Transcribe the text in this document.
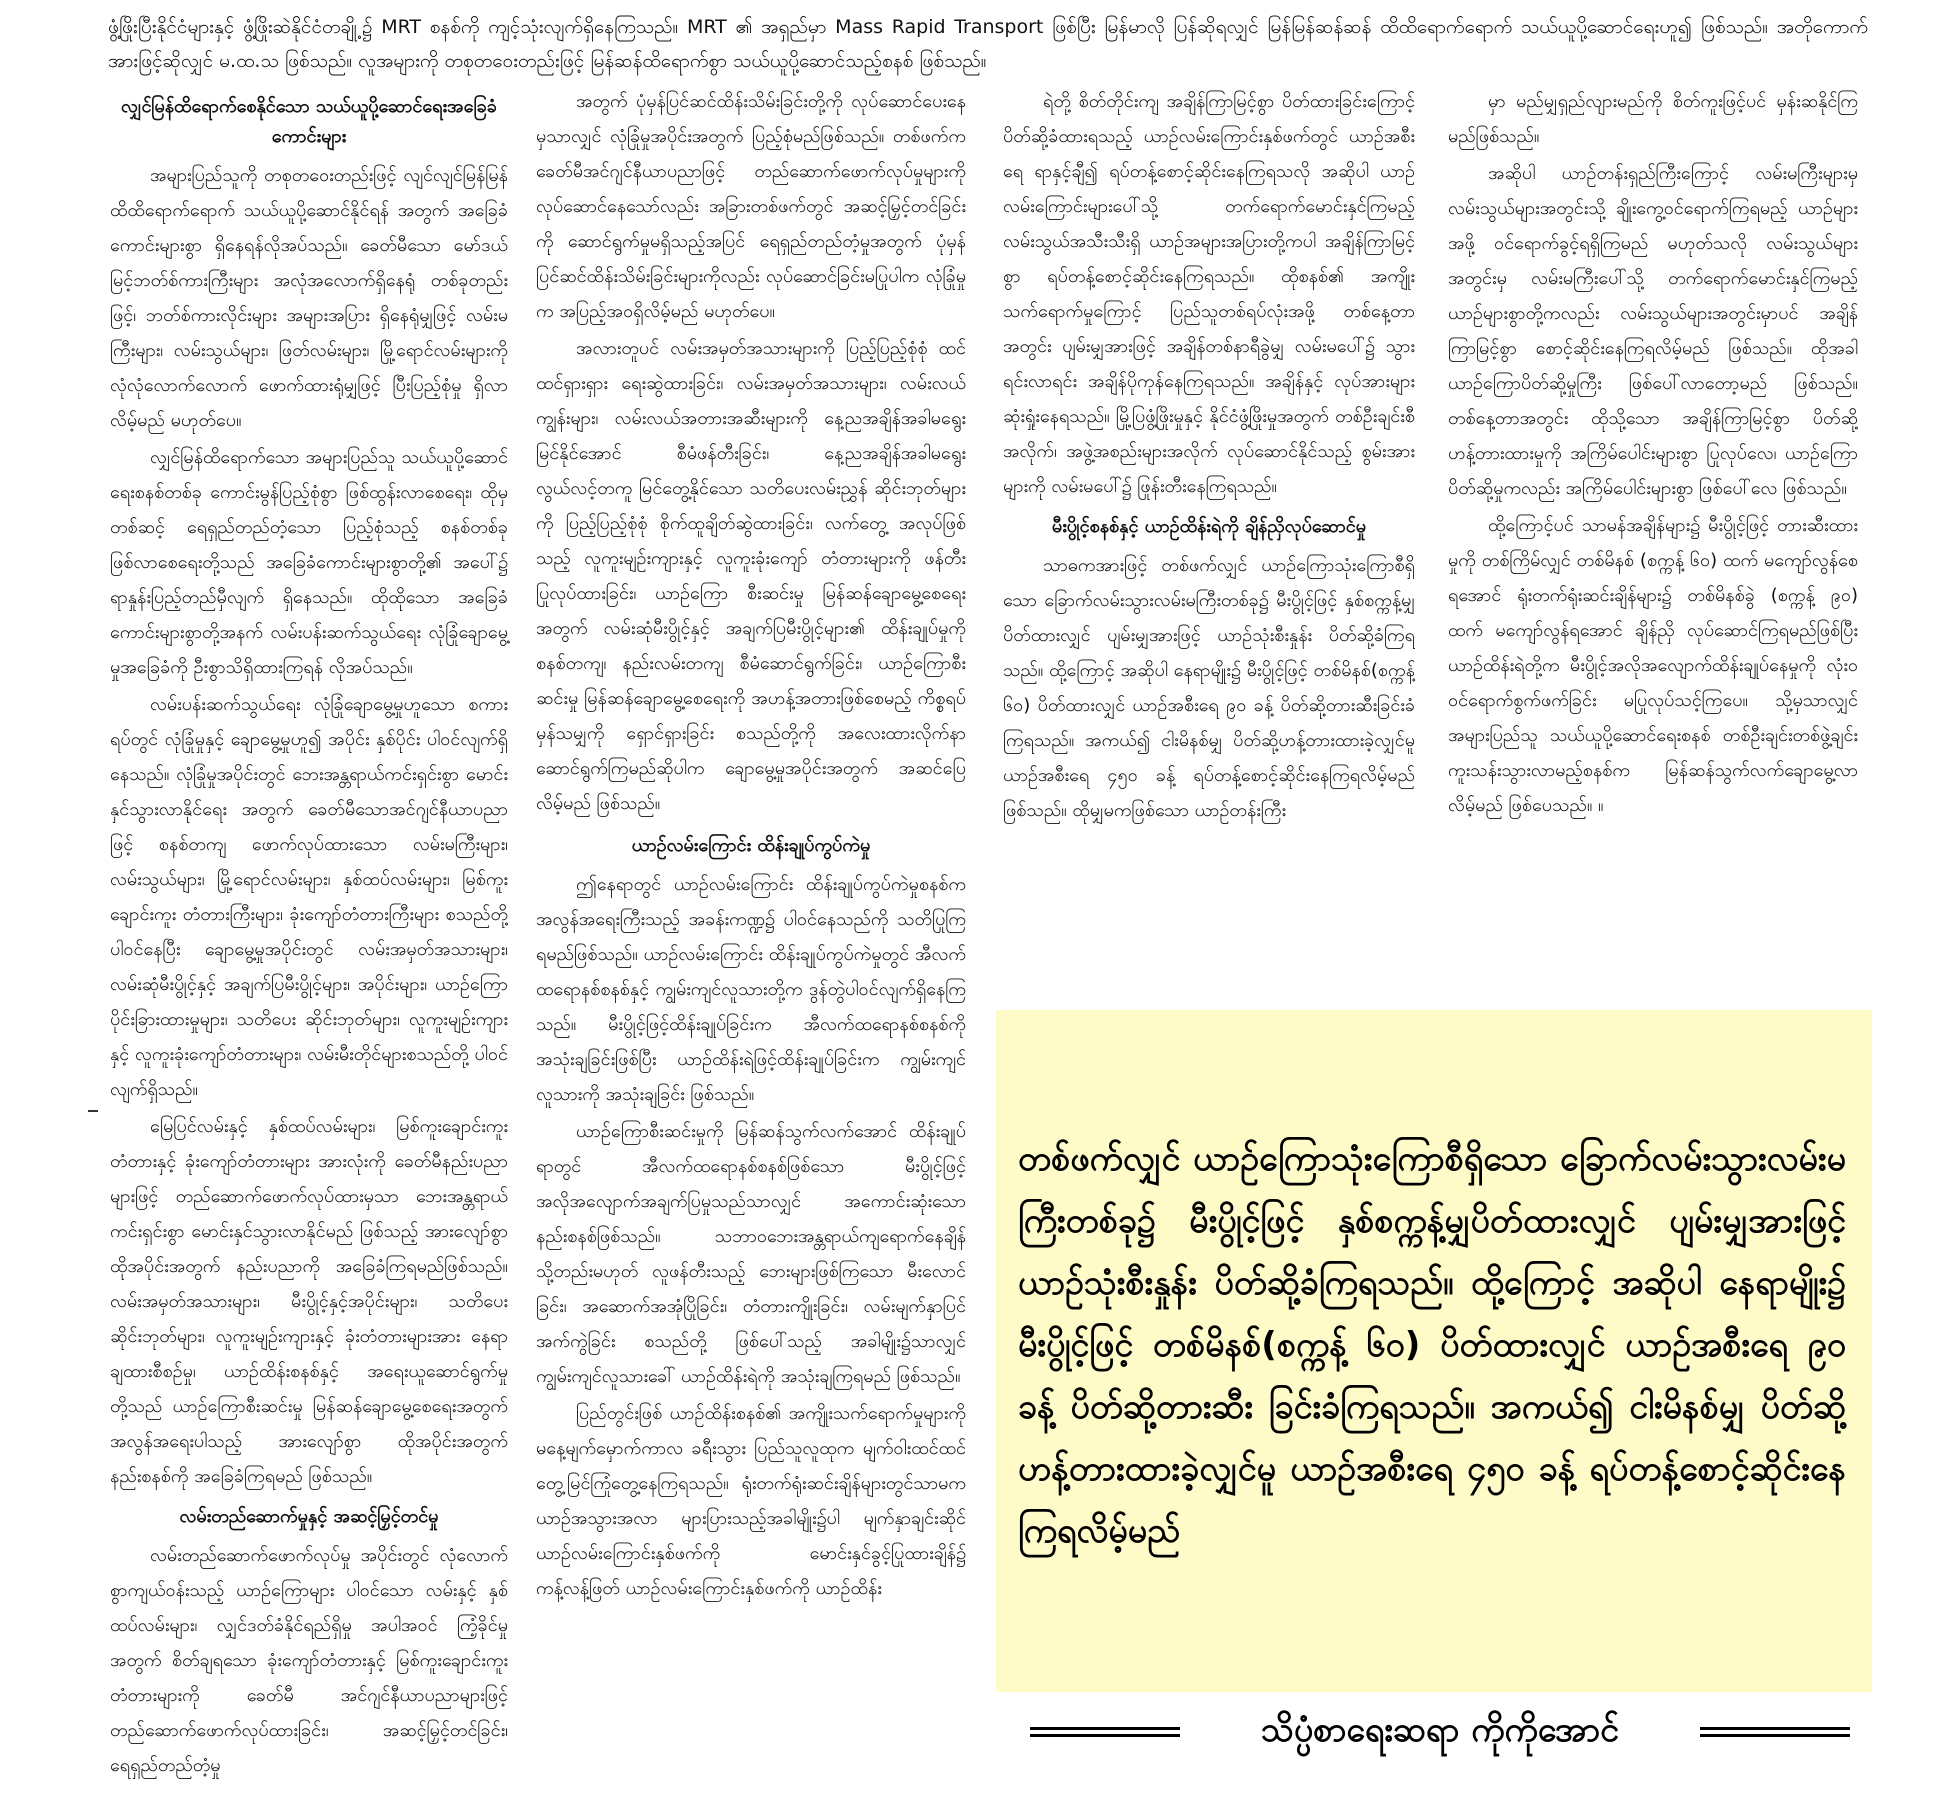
ဖွံ့ဖြိုးပြီးနိုင်ငံများနှင့် ဖွံ့ဖြိုးဆဲနိုင်ငံတချို့၌ MRT စနစ်ကို ကျင့်သုံးလျက်ရှိနေကြသည်။ MRT ၏ အရှည်မှာ Mass Rapid Transport ဖြစ်ပြီး မြန်မာလို ပြန်ဆိုရလျှင် မြန်မြန်ဆန်ဆန် ထိထိရောက်ရောက် သယ်ယူပို့ဆောင်ရေးဟူ၍ ဖြစ်သည်။ အတိုကောက် အားဖြင့်ဆိုလျှင် မ.ထ.သ ဖြစ်သည်။ လူအများကို တစုတဝေးတည်းဖြင့် မြန်ဆန်ထိရောက်စွာ သယ်ယူပို့ဆောင်သည့်စနစ် ဖြစ်သည်။
လျှင်မြန်ထိရောက်စေနိုင်သော သယ်ယူပို့ဆောင်ရေးအခြေခံကောင်းများ

အများပြည်သူကို တစုတဝေးတည်းဖြင့် လျင်လျင်မြန်မြန် ထိထိရောက်ရောက် သယ်ယူပို့ဆောင်နိုင်ရန် အတွက် အခြေခံကောင်းများစွာ ရှိနေရန်လိုအပ်သည်။ ခေတ်မီသော မော်ဒယ်မြင့်ဘတ်စ်ကားကြီးများ အလုံအလောက်ရှိနေရုံ တစ်ခုတည်းဖြင့်၊ ဘတ်စ်ကားလိုင်းများ အများအပြား ရှိနေရုံမျှဖြင့် လမ်းမကြီးများ၊ လမ်းသွယ်များ၊ ဖြတ်လမ်းများ၊ မြို့ရောင်လမ်းများကို လုံလုံလောက်လောက် ဖောက်ထားရုံမျှဖြင့် ပြီးပြည့်စုံမှု ရှိလာလိမ့်မည် မဟုတ်ပေ။

လျှင်မြန်ထိရောက်သော အများပြည်သူ သယ်ယူပို့ဆောင်ရေးစနစ်တစ်ခု ကောင်းမွန်ပြည့်စုံစွာ ဖြစ်ထွန်းလာစေရေး၊ ထိုမှတစ်ဆင့် ရေရှည်တည်တံ့သော ပြည့်စုံသည့် စနစ်တစ်ခု ဖြစ်လာစေရေးတို့သည် အခြေခံကောင်းများစွာတို့၏ အပေါ်၌ ရာနှုန်းပြည့်တည်မှီလျက် ရှိနေသည်။ ထိုထိုသော အခြေခံကောင်းများစွာတို့အနက် လမ်းပန်းဆက်သွယ်ရေး လုံခြုံချောမွေ့မှုအခြေခံကို ဦးစွာသိရှိထားကြရန် လိုအပ်သည်။

လမ်းပန်းဆက်သွယ်ရေး လုံခြုံချောမွေ့မှုဟူသော စကားရပ်တွင် လုံခြုံမှုနှင့် ချောမွေ့မှုဟူ၍ အပိုင်း နှစ်ပိုင်း ပါဝင်လျက်ရှိနေသည်။ လုံခြုံမှုအပိုင်းတွင် ဘေးအန္တရာယ်ကင်းရှင်းစွာ မောင်းနှင်သွားလာနိုင်ရေး အတွက် ခေတ်မီသောအင်ဂျင်နီယာပညာဖြင့် စနစ်တကျ ဖောက်လုပ်ထားသော လမ်းမကြီးများ၊ လမ်းသွယ်များ၊ မြို့ရောင်လမ်းများ၊ နှစ်ထပ်လမ်းများ၊ မြစ်ကူးချောင်းကူး တံတားကြီးများ၊ ခုံးကျော်တံတားကြီးများ စသည်တို့ ပါဝင်နေပြီး ချောမွေ့မှုအပိုင်းတွင် လမ်းအမှတ်အသားများ၊ လမ်းဆုံမီးပွိုင့်နှင့် အချက်ပြမီးပွိုင့်များ၊ အပိုင်းများ၊ ယာဉ်ကြောပိုင်းခြားထားမှုများ၊ သတိပေး ဆိုင်းဘုတ်များ၊ လူကူးမျဉ်းကျားနှင့် လူကူးခုံးကျော်တံတားများ၊ လမ်းမီးတိုင်များစသည်တို့ ပါဝင်လျက်ရှိသည်။

မြေပြင်လမ်းနှင့် နှစ်ထပ်လမ်းများ၊ မြစ်ကူးချောင်းကူး တံတားနှင့် ခုံးကျော်တံတားများ အားလုံးကို ခေတ်မီနည်းပညာများဖြင့် တည်ဆောက်ဖောက်လုပ်ထားမှသာ ဘေးအန္တရာယ်ကင်းရှင်းစွာ မောင်းနှင်သွားလာနိုင်မည် ဖြစ်သည့် အားလျော်စွာ ထိုအပိုင်းအတွက် နည်းပညာကို အခြေခံကြရမည်ဖြစ်သည်။ လမ်းအမှတ်အသားများ၊ မီးပွိုင့်နှင့်အပိုင်းများ၊ သတိပေးဆိုင်းဘုတ်များ၊ လူကူးမျဉ်းကျားနှင့် ခုံးတံတားများအား နေရာချထားစီစဉ်မှု၊ ယာဉ်ထိန်းစနစ်နှင့် အရေးယူဆောင်ရွက်မှုတို့သည် ယာဉ်ကြောစီးဆင်းမှု မြန်ဆန်ချောမွေ့စေရေးအတွက် အလွန်အရေးပါသည့် အားလျော်စွာ ထိုအပိုင်းအတွက် နည်းစနစ်ကို အခြေခံကြရမည် ဖြစ်သည်။

လမ်းတည်ဆောက်မှုနှင့် အဆင့်မြှင့်တင်မှု

လမ်းတည်ဆောက်ဖောက်လုပ်မှု အပိုင်းတွင် လုံလောက်စွာကျယ်ဝန်းသည့် ယာဉ်ကြောများ ပါဝင်သော လမ်းနှင့် နှစ်ထပ်လမ်းများ၊ လျှင်ဒတ်ခံနိုင်ရည်ရှိမှု အပါအဝင် ကြံ့ခိုင်မှုအတွက် စိတ်ချရသော ခုံးကျော်တံတားနှင့် မြစ်ကူးချောင်းကူး တံတားများကို ခေတ်မီ အင်ဂျင်နီယာပညာများဖြင့် တည်ဆောက်ဖောက်လုပ်ထားခြင်း၊ အဆင့်မြှင့်တင်ခြင်း၊ ရေရှည်တည်တံ့မှု

အတွက် ပုံမှန်ပြင်ဆင်ထိန်းသိမ်းခြင်းတို့ကို လုပ်ဆောင်ပေးနေမှသာလျှင် လုံခြုံမှုအပိုင်းအတွက် ပြည့်စုံမည်ဖြစ်သည်။ တစ်ဖက်က ခေတ်မီအင်ဂျင်နီယာပညာဖြင့် တည်ဆောက်ဖောက်လုပ်မှုများကို လုပ်ဆောင်နေသော်လည်း အခြားတစ်ဖက်တွင် အဆင့်မြှင့်တင်ခြင်းကို ဆောင်ရွက်မှုမရှိသည့်အပြင် ရေရှည်တည်တံ့မှုအတွက် ပုံမှန်ပြင်ဆင်ထိန်းသိမ်းခြင်းများကိုလည်း လုပ်ဆောင်ခြင်းမပြုပါက လုံခြုံမှုက အပြည့်အဝရှိလိမ့်မည် မဟုတ်ပေ။

အလားတူပင် လမ်းအမှတ်အသားများကို ပြည့်ပြည့်စုံစုံ ထင်ထင်ရှားရှား ရေးဆွဲထားခြင်း၊ လမ်းအမှတ်အသားများ၊ လမ်းလယ်ကျွန်းများ၊ လမ်းလယ်အတားအဆီးများကို နေ့ညအချိန်အခါမရွေး မြင်နိုင်အောင် စီမံဖန်တီးခြင်း၊ နေ့ညအချိန်အခါမရွေး လွယ်လင့်တကူ မြင်တွေ့နိုင်သော သတိပေးလမ်းညွှန် ဆိုင်းဘုတ်များကို ပြည့်ပြည့်စုံစုံ စိုက်ထူချိတ်ဆွဲထားခြင်း၊ လက်တွေ့ အလုပ်ဖြစ်သည့် လူကူးမျဉ်းကျားနှင့် လူကူးခုံးကျော် တံတားများကို ဖန်တီးပြုလုပ်ထားခြင်း၊ ယာဉ်ကြော စီးဆင်းမှု မြန်ဆန်ချောမွေ့စေရေးအတွက် လမ်းဆုံမီးပွိုင့်နှင့် အချက်ပြမီးပွိုင့်များ၏ ထိန်းချုပ်မှုကိုစနစ်တကျ၊ နည်းလမ်းတကျ စီမံဆောင်ရွက်ခြင်း၊ ယာဉ်ကြောစီးဆင်းမှု မြန်ဆန်ချောမွေ့စေရေးကို အဟန့်အတားဖြစ်စေမည့် ကိစ္စရပ်မှန်သမျှကို ရှောင်ရှားခြင်း စသည်တို့ကို အလေးထားလိုက်နာဆောင်ရွက်ကြမည်ဆိုပါက ချောမွေ့မှုအပိုင်းအတွက် အဆင်ပြေလိမ့်မည် ဖြစ်သည်။

ယာဉ်လမ်းကြောင်း ထိန်းချုပ်ကွပ်ကဲမှု

ဤနေရာတွင် ယာဉ်လမ်းကြောင်း ထိန်းချုပ်ကွပ်ကဲမှုစနစ်က အလွန်အရေးကြီးသည့် အခန်းကဏ္ဍ၌ ပါဝင်နေသည်ကို သတိပြုကြရမည်ဖြစ်သည်။ ယာဉ်လမ်းကြောင်း ထိန်းချုပ်ကွပ်ကဲမှုတွင် အီလက်ထရောနစ်စနစ်နှင့် ကျွမ်းကျင်လူသားတို့က ဒွန်တွဲပါဝင်လျက်ရှိနေကြသည်။ မီးပွိုင့်ဖြင့်ထိန်းချုပ်ခြင်းက အီလက်ထရောနစ်စနစ်ကို အသုံးချခြင်းဖြစ်ပြီး ယာဉ်ထိန်းရဲဖြင့်ထိန်းချုပ်ခြင်းက ကျွမ်းကျင်လူသားကို အသုံးချခြင်း ဖြစ်သည်။

ယာဉ်ကြောစီးဆင်းမှုကို မြန်ဆန်သွက်လက်အောင် ထိန်းချုပ်ရာတွင် အီလက်ထရောနစ်စနစ်ဖြစ်သော မီးပွိုင့်ဖြင့် အလိုအလျောက်အချက်ပြမှုသည်သာလျှင် အကောင်းဆုံးသော နည်းစနစ်ဖြစ်သည်။ သဘာဝဘေးအန္တရာယ်ကျရောက်နေချိန် သို့တည်းမဟုတ် လူဖန်တီးသည့် ဘေးများဖြစ်ကြသော မီးလောင်ခြင်း၊ အဆောက်အအုံပြိုခြင်း၊ တံတားကျိုးခြင်း၊ လမ်းမျက်နှာပြင် အက်ကွဲခြင်း စသည်တို့ ဖြစ်ပေါ်သည့် အခါမျိုး၌သာလျှင် ကျွမ်းကျင်လူသားခေါ် ယာဉ်ထိန်းရဲကို အသုံးချကြရမည် ဖြစ်သည်။

ပြည်တွင်းဖြစ် ယာဉ်ထိန်းစနစ်၏ အကျိုးသက်ရောက်မှုများကို မနေ့မျက်မှောက်ကာလ ခရီးသွား ပြည်သူလူထုက မျက်ဝါးထင်ထင် တွေ့မြင်ကြုံတွေ့နေကြရသည်။ ရုံးတက်ရုံးဆင်းချိန်များတွင်သာမက ယာဉ်အသွားအလာ များပြားသည့်အခါမျိုး၌ပါ မျက်နှာချင်းဆိုင် ယာဉ်လမ်းကြောင်းနှစ်ဖက်ကို မောင်းနှင်ခွင့်ပြုထားချိန်၌ ကန့်လန့်ဖြတ် ယာဉ်လမ်းကြောင်းနှစ်ဖက်ကို ယာဉ်ထိန်း

ရဲတို့ စိတ်တိုင်းကျ အချိန်ကြာမြင့်စွာ ပိတ်ထားခြင်းကြောင့် ပိတ်ဆို့ခံထားရသည့် ယာဉ်လမ်းကြောင်းနှစ်ဖက်တွင် ယာဉ်အစီးရေ ရာနှင့်ချီ၍ ရပ်တန့်စောင့်ဆိုင်းနေကြရသလို အဆိုပါ ယာဉ်လမ်းကြောင်းများပေါ်သို့ တက်ရောက်မောင်းနှင်ကြမည့် လမ်းသွယ်အသီးသီးရှိ ယာဉ်အများအပြားတို့ကပါ အချိန်ကြာမြင့်စွာ ရပ်တန့်စောင့်ဆိုင်းနေကြရသည်။ ထိုစနစ်၏ အကျိုးသက်ရောက်မှုကြောင့် ပြည်သူတစ်ရပ်လုံးအဖို့ တစ်နေ့တာအတွင်း ပျမ်းမျှအားဖြင့် အချိန်တစ်နာရီခွဲမျှ လမ်းမပေါ်၌ သွားရင်းလာရင်း အချိန်ပိုကုန်နေကြရသည်။ အချိန်နှင့် လုပ်အားများ ဆုံးရှုံးနေရသည်။ မြို့ပြဖွံ့ဖြိုးမှုနှင့် နိုင်ငံဖွံ့ဖြိုးမှုအတွက် တစ်ဦးချင်းစီအလိုက်၊ အဖွဲ့အစည်းများအလိုက် လုပ်ဆောင်နိုင်သည့် စွမ်းအားများကို လမ်းမပေါ်၌ ဖြုန်းတီးနေကြရသည်။

မီးပွိုင့်စနစ်နှင့် ယာဉ်ထိန်းရဲကို ချိန်ညှိလုပ်ဆောင်မှု

သာဓကအားဖြင့် တစ်ဖက်လျှင် ယာဉ်ကြောသုံးကြောစီရှိသော ခြောက်လမ်းသွားလမ်းမကြီးတစ်ခု၌ မီးပွိုင့်ဖြင့် နှစ်စက္ကန့်မျှပိတ်ထားလျှင် ပျမ်းမျှအားဖြင့် ယာဉ်သုံးစီးနှုန်း ပိတ်ဆို့ခံကြရသည်။ ထို့ကြောင့် အဆိုပါ နေရာမျိုး၌ မီးပွိုင့်ဖြင့် တစ်မိနစ်(စက္ကန့် ၆၀) ပိတ်ထားလျှင် ယာဉ်အစီးရေ ၉၀ ခန့် ပိတ်ဆို့တားဆီးခြင်းခံကြရသည်။ အကယ်၍ ငါးမိနစ်မျှ ပိတ်ဆို့ဟန့်တားထားခဲ့လျှင်မူ ယာဉ်အစီးရေ ၄၅၀ ခန့် ရပ်တန့်စောင့်ဆိုင်းနေကြရလိမ့်မည် ဖြစ်သည်။ ထိုမျှမကဖြစ်သော ယာဉ်တန်းကြီး

မှာ မည်မျှရှည်လျားမည်ကို စိတ်ကူးဖြင့်ပင် မှန်းဆနိုင်ကြမည်ဖြစ်သည်။

အဆိုပါ ယာဉ်တန်းရှည်ကြီးကြောင့် လမ်းမကြီးများမှ လမ်းသွယ်များအတွင်းသို့ ချိုးကွေ့ဝင်ရောက်ကြရမည့် ယာဉ်များအဖို့ ဝင်ရောက်ခွင့်ရရှိကြမည် မဟုတ်သလို လမ်းသွယ်များအတွင်းမှ လမ်းမကြီးပေါ်သို့ တက်ရောက်မောင်းနှင်ကြမည့် ယာဉ်များစွာတို့ကလည်း လမ်းသွယ်များအတွင်းမှာပင် အချိန်ကြာမြင့်စွာ စောင့်ဆိုင်းနေကြရလိမ့်မည် ဖြစ်သည်။ ထိုအခါ ယာဉ်ကြောပိတ်ဆို့မှုကြီး ဖြစ်ပေါ်လာတော့မည် ဖြစ်သည်။ တစ်နေ့တာအတွင်း ထိုသို့သော အချိန်ကြာမြင့်စွာ ပိတ်ဆို့ဟန့်တားထားမှုကို အကြိမ်ပေါင်းများစွာ ပြုလုပ်လေ၊ ယာဉ်ကြောပိတ်ဆို့မှုကလည်း အကြိမ်ပေါင်းများစွာ ဖြစ်ပေါ်လေ ဖြစ်သည်။

ထို့ကြောင့်ပင် သာမန်အချိန်များ၌ မီးပွိုင့်ဖြင့် တားဆီးထားမှုကို တစ်ကြိမ်လျှင် တစ်မိနစ် (စက္ကန့် ၆၀) ထက် မကျော်လွန်စေရအောင် ရုံးတက်ရုံးဆင်းချိန်များ၌ တစ်မိနစ်ခွဲ (စက္ကန့် ၉၀) ထက် မကျော်လွန်ရအောင် ချိန်ညှိ လုပ်ဆောင်ကြရမည်ဖြစ်ပြီး ယာဉ်ထိန်းရဲတို့က မီးပွိုင့်အလိုအလျောက်ထိန်းချုပ်နေမှုကို လုံးဝဝင်ရောက်စွက်ဖက်ခြင်း မပြုလုပ်သင့်ကြပေ။ သို့မှသာလျှင် အများပြည်သူ သယ်ယူပို့ဆောင်ရေးစနစ် တစ်ဦးချင်းတစ်ဖွဲ့ချင်း ကူးသန်းသွားလာမည့်စနစ်က မြန်ဆန်သွက်လက်ချောမွေ့လာလိမ့်မည် ဖြစ်ပေသည်။ ။

တစ်ဖက်လျှင် ယာဉ်ကြောသုံးကြောစီရှိသော ခြောက်လမ်းသွားလမ်းမကြီးတစ်ခု၌ မီးပွိုင့်ဖြင့် နှစ်စက္ကန့်မျှပိတ်ထားလျှင် ပျမ်းမျှအားဖြင့် ယာဉ်သုံးစီးနှုန်း ပိတ်ဆို့ခံကြရသည်။ ထို့ကြောင့် အဆိုပါ နေရာမျိုး၌ မီးပွိုင့်ဖြင့် တစ်မိနစ်(စက္ကန့် ၆၀) ပိတ်ထားလျှင် ယာဉ်အစီးရေ ၉၀ ခန့် ပိတ်ဆို့တားဆီး ခြင်းခံကြရသည်။ အကယ်၍ ငါးမိနစ်မျှ ပိတ်ဆို့ဟန့်တားထားခဲ့လျှင်မူ ယာဉ်အစီးရေ ၄၅၀ ခန့် ရပ်တန့်စောင့်ဆိုင်းနေကြရလိမ့်မည်
သိပ္ပံစာရေးဆရာ ကိုကိုအောင်
